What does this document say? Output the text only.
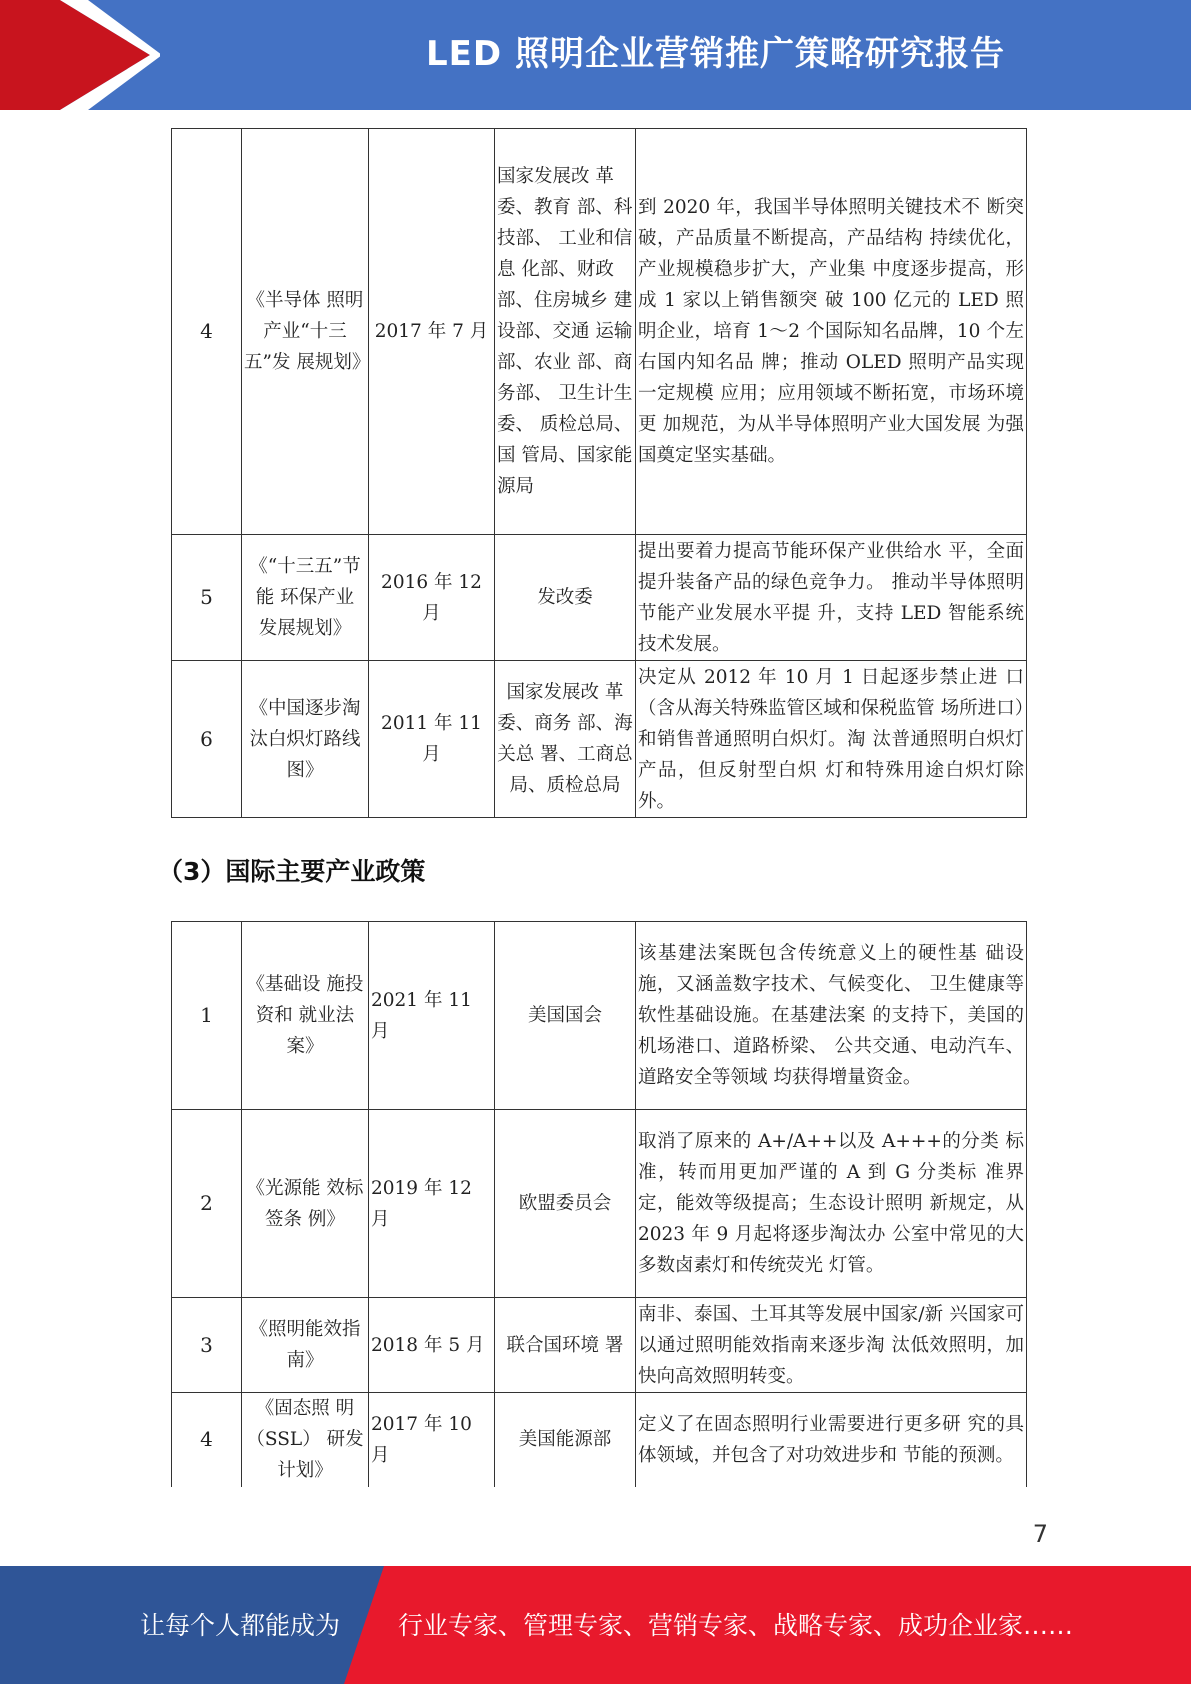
LED 照明企业营销推广策略研究报告
4	《半导体 照明产业“十三五”发 展规划》	2017 年 7 月	国家发展改 革委、教育 部、科技部、 工业和信息 化部、财政 部、住房城乡 建设部、交通 运输部、农业 部、商务部、 卫生计生委、 质检总局、国 管局、国家能 源局	到 2020 年，我国半导体照明关键技术不 断突破，产品质量不断提高，产品结构 持续优化，产业规模稳步扩大，产业集 中度逐步提高，形成 1 家以上销售额突 破 100 亿元的 LED 照明企业，培育 1～2 个国际知名品牌，10 个左右国内知名品 牌；推动 OLED 照明产品实现一定规模 应用；应用领域不断拓宽，市场环境更 加规范，为从半导体照明产业大国发展 为强国奠定坚实基础。
5	《“十三五”节能 环保产业 发展规划》	2016 年 12 月	发改委	提出要着力提高节能环保产业供给水 平，全面提升装备产品的绿色竞争力。 推动半导体照明节能产业发展水平提 升，支持 LED 智能系统技术发展。
6	《中国逐步淘汰白炽灯路线图》	2011 年 11 月	国家发展改 革委、商务 部、海关总 署、工商总 局、质检总局	决定从 2012 年 10 月 1 日起逐步禁止进 口（含从海关特殊监管区域和保税监管 场所进口）和销售普通照明白炽灯。淘 汰普通照明白炽灯产品，但反射型白炽 灯和特殊用途白炽灯除外。
（3）国际主要产业政策
1	《基础设 施投资和 就业法案》	2021 年 11 月	美国国会	该基建法案既包含传统意义上的硬性基 础设施，又涵盖数字技术、气候变化、 卫生健康等软性基础设施。在基建法案 的支持下，美国的机场港口、道路桥梁、 公共交通、电动汽车、道路安全等领域 均获得增量资金。
2	《光源能 效标签条 例》	2019 年 12 月	欧盟委员会	取消了原来的 A+/A++以及 A+++的分类 标准，转而用更加严谨的 A 到 G 分类标 准界定，能效等级提高；生态设计照明 新规定，从 2023 年 9 月起将逐步淘汰办 公室中常见的大多数卤素灯和传统荧光 灯管。
3	《照明能效指南》	2018 年 5 月	联合国环境 署	南非、泰国、土耳其等发展中国家/新 兴国家可以通过照明能效指南来逐步淘 汰低效照明，加快向高效照明转变。
4	《固态照 明（SSL） 研发计划》	2017 年 10 月	美国能源部	定义了在固态照明行业需要进行更多研 究的具体领域，并包含了对功效进步和 节能的预测。
7
让每个人都能成为 行业专家、管理专家、营销专家、战略专家、成功企业家……
